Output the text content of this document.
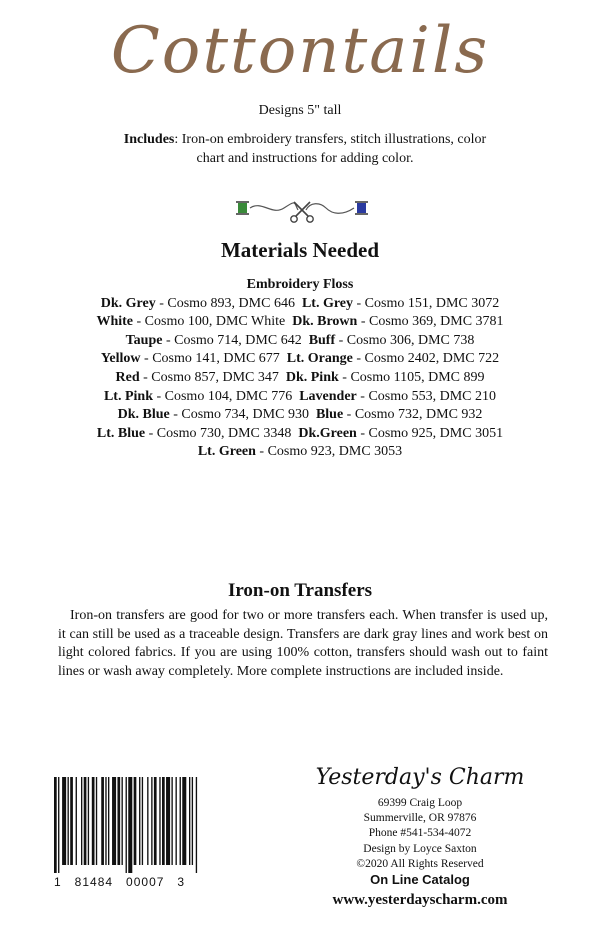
Cottontails
Designs 5" tall
Includes: Iron-on embroidery transfers, stitch illustrations, color chart and instructions for adding color.
Materials Needed
Embroidery Floss
Dk. Grey - Cosmo 893, DMC 646 Lt. Grey - Cosmo 151, DMC 3072
White - Cosmo 100, DMC White Dk. Brown - Cosmo 369, DMC 3781
Taupe - Cosmo 714, DMC 642 Buff - Cosmo 306, DMC 738
Yellow - Cosmo 141, DMC 677 Lt. Orange - Cosmo 2402, DMC 722
Red - Cosmo 857, DMC 347 Dk. Pink - Cosmo 1105, DMC 899
Lt. Pink - Cosmo 104, DMC 776 Lavender - Cosmo 553, DMC 210
Dk. Blue - Cosmo 734, DMC 930 Blue - Cosmo 732, DMC 932
Lt. Blue - Cosmo 730, DMC 3348 Dk.Green - Cosmo 925, DMC 3051
Lt. Green - Cosmo 923, DMC 3053
Iron-on Transfers
Iron-on transfers are good for two or more transfers each. When transfer is used up, it can still be used as a traceable design. Transfers are dark gray lines and work best on light colored fabrics. If you are using 100% cotton, transfers should wash out to faint lines or wash away completely. More complete instructions are included inside.
1   81484   00007   3
Yesterday's Charm
69399 Craig Loop
Summerville, OR 97876
Phone #541-534-4072
Design by Loyce Saxton
©2020 All Rights Reserved
On Line Catalog
www.yesterdayscharm.com
